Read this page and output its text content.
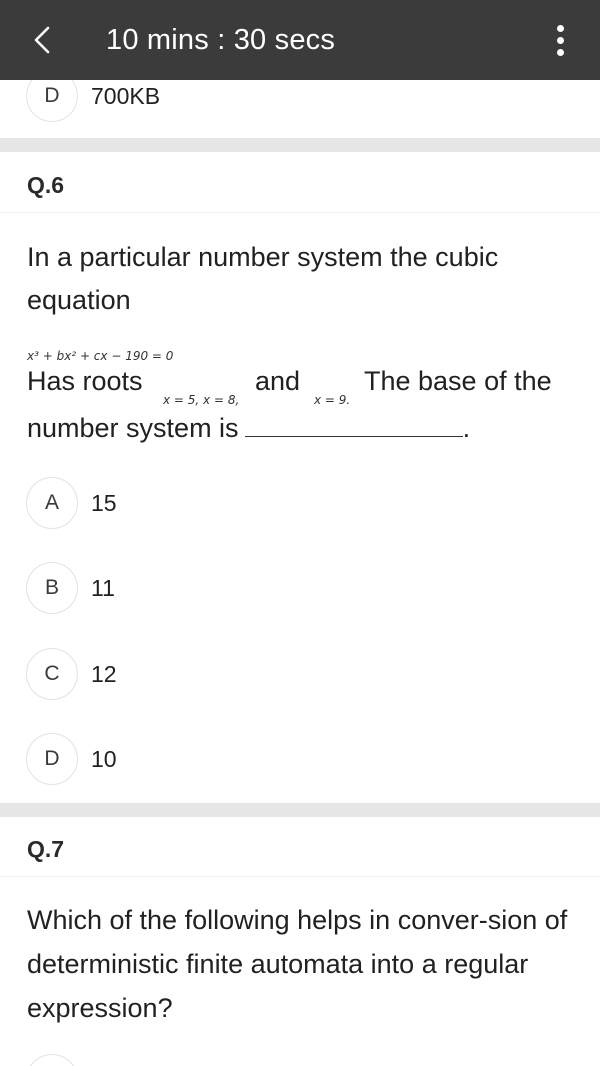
10 mins : 30 secs
D	700KB
Q.6
In a particular number system the cubic equation
x³ + bx² + cx − 190 = 0
Has roots
x = 5, x = 8,
and
x = 9.
The base of the
number system is	.
A	15
B	11
C	12
D	10
Q.7
Which of the following helps in conver-sion of deterministic finite automata into a regular expression?
